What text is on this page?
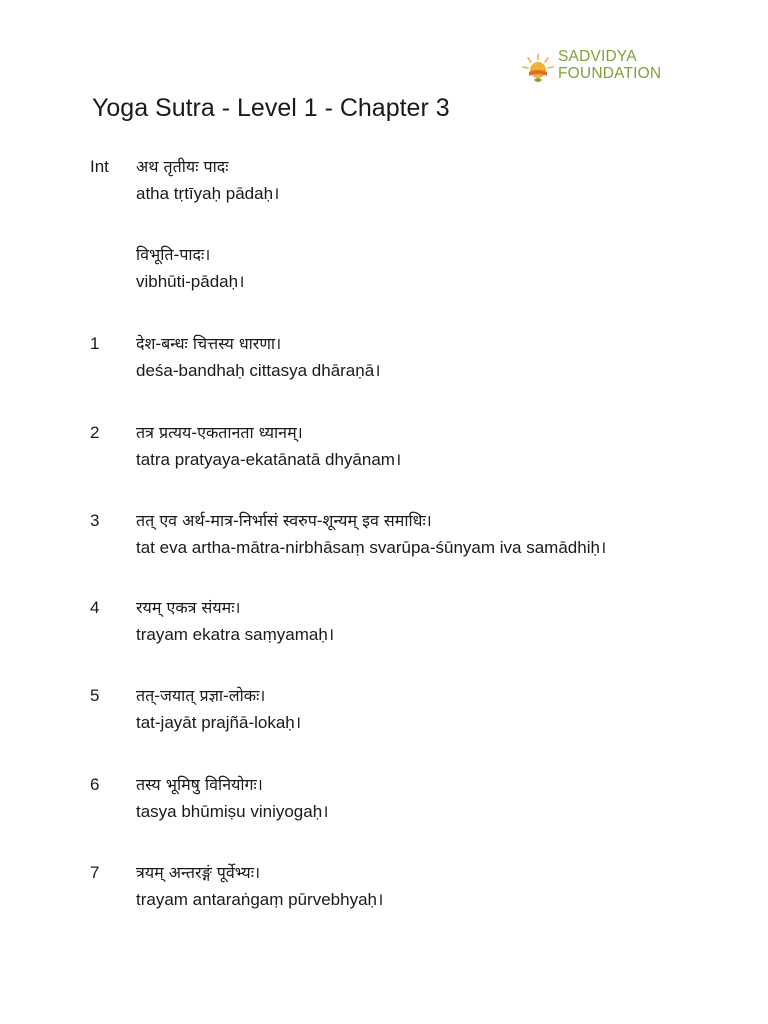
SADVIDYA
FOUNDATION
Yoga Sutra - Level 1 - Chapter 3
Int अथ तृतीयः पादः
atha tṛtīyaḥ pādaḥ।
विभूति-पादः।
vibhūti-pādaḥ।
1 देश-बन्धः चित्तस्य धारणा।
deśa-bandhaḥ cittasya dhāraṇā।
2 तत्र प्रत्यय-एकतानता ध्यानम्।
tatra pratyaya-ekatānatā dhyānam।
3 तत् एव अर्थ-मात्र-निर्भासं स्वरुप-शून्यम् इव समाधिः।
tat eva artha-mātra-nirbhāsaṃ svarūpa-śūnyam iva samādhiḥ।
4 रयम् एकत्र संयमः।
trayam ekatra saṃyamaḥ।
5 तत्-जयात् प्रज्ञा-लोकः।
tat-jayāt prajñā-lokaḥ।
6 तस्य भूमिषु विनियोगः।
tasya bhūmiṣu viniyogaḥ।
7 त्रयम् अन्तरङ्गं पूर्वेभ्यः।
trayam antaraṅgaṃ pūrvebhyaḥ।
